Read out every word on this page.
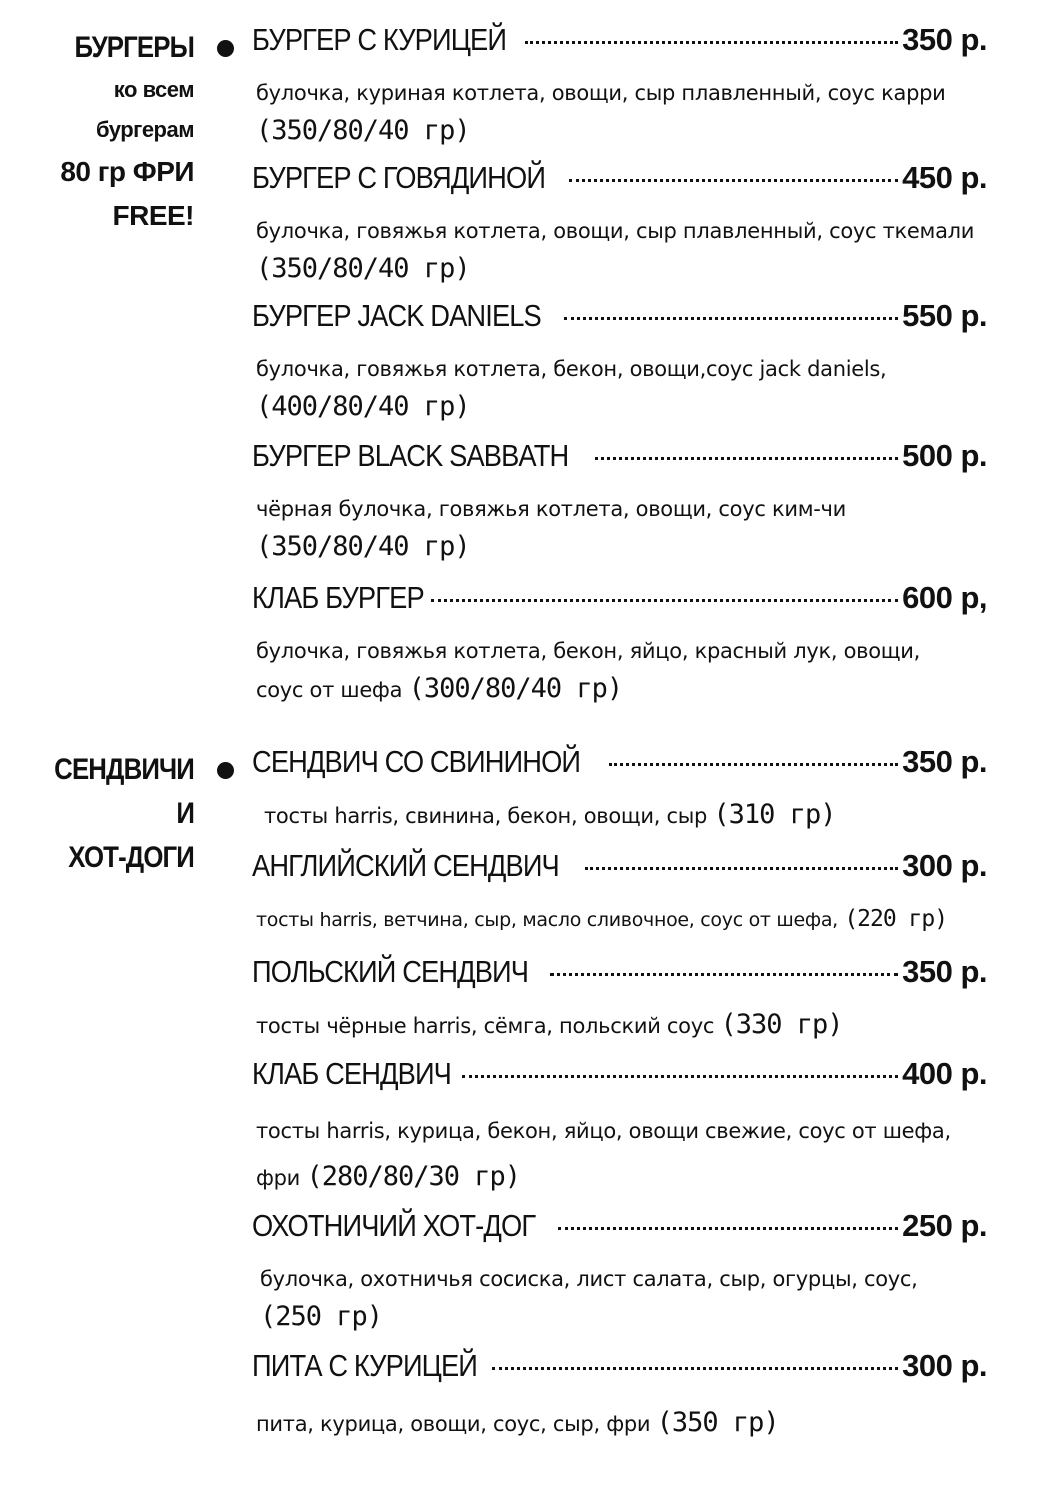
БУРГЕРЫ
ко всем
бургерам
80 гр ФРИ
FREE!
БУРГЕР С КУРИЦЕЙ	350 р.
булочка, куриная котлета, овощи, сыр плавленный, соус карри
(350/80/40 гр)
БУРГЕР С ГОВЯДИНОЙ	450 р.
булочка, говяжья котлета, овощи, сыр плавленный, соус ткемали
(350/80/40 гр)
БУРГЕР JACK DANIELS	550 р.
булочка, говяжья котлета, бекон, овощи,соус jack daniels,
(400/80/40 гр)
БУРГЕР BLACK SABBATH	500 р.
чёрная булочка, говяжья котлета, овощи, соус ким-чи
(350/80/40 гр)
КЛАБ БУРГЕР	600 р,
булочка, говяжья котлета, бекон, яйцо, красный лук, овощи,
соус от шефа (300/80/40 гр)
СЕНДВИЧИ
И
ХОТ-ДОГИ
СЕНДВИЧ СО СВИНИНОЙ	350 р.
тосты harris, свинина, бекон, овощи, сыр (310 гр)
АНГЛИЙСКИЙ СЕНДВИЧ	300 р.
тосты harris, ветчина, сыр, масло сливочное, соус от шефа, (220 гр)
ПОЛЬСКИЙ СЕНДВИЧ	350 р.
тосты чёрные harris, сёмга, польский соус (330 гр)
КЛАБ СЕНДВИЧ	400 р.
тосты harris, курица, бекон, яйцо, овощи свежие, соус от шефа,
фри (280/80/30 гр)
ОХОТНИЧИЙ ХОТ-ДОГ	250 р.
булочка, охотничья сосиска, лист салата, сыр, огурцы, соус,
(250 гр)
ПИТА С КУРИЦЕЙ	300 р.
пита, курица, овощи, соус, сыр, фри (350 гр)
